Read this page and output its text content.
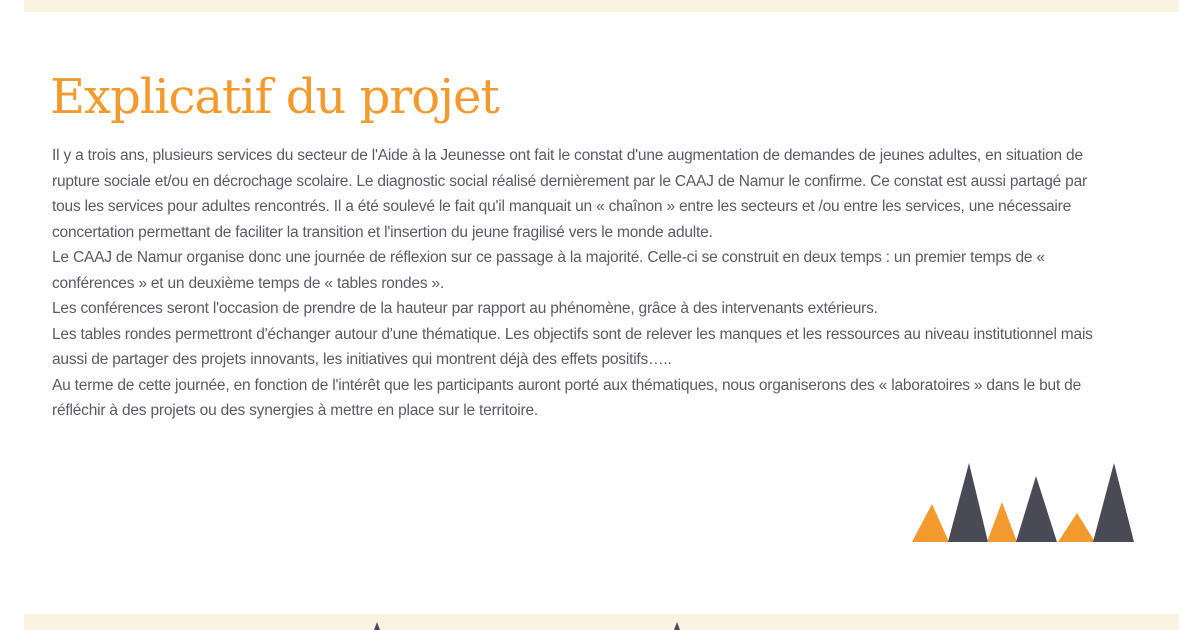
Explicatif du projet

Il y a trois ans, plusieurs services du secteur de l'Aide à la Jeunesse ont fait le constat d'une augmentation de demandes de jeunes adultes, en situation de rupture sociale et/ou en décrochage scolaire. Le diagnostic social réalisé dernièrement par le CAAJ de Namur le confirme. Ce constat est aussi partagé par tous les services pour adultes rencontrés. Il a été soulevé le fait qu'il manquait un « chaînon » entre les secteurs et /ou entre les services, une nécessaire concertation permettant de faciliter la transition et l'insertion du jeune fragilisé vers le monde adulte.

Le CAAJ de Namur organise donc une journée de réflexion sur ce passage à la majorité. Celle-ci se construit en deux temps : un premier temps de « conférences » et un deuxième temps de « tables rondes ».

Les conférences seront l'occasion de prendre de la hauteur par rapport au phénomène, grâce à des intervenants extérieurs.

Les tables rondes permettront d'échanger autour d'une thématique. Les objectifs sont de relever les manques et les ressources au niveau institutionnel mais aussi de partager des projets innovants, les initiatives qui montrent déjà des effets positifs…..

Au terme de cette journée, en fonction de l'intérêt que les participants auront porté aux thématiques, nous organiserons des « laboratoires » dans le but de réfléchir à des projets ou des synergies à mettre en place sur le territoire.
